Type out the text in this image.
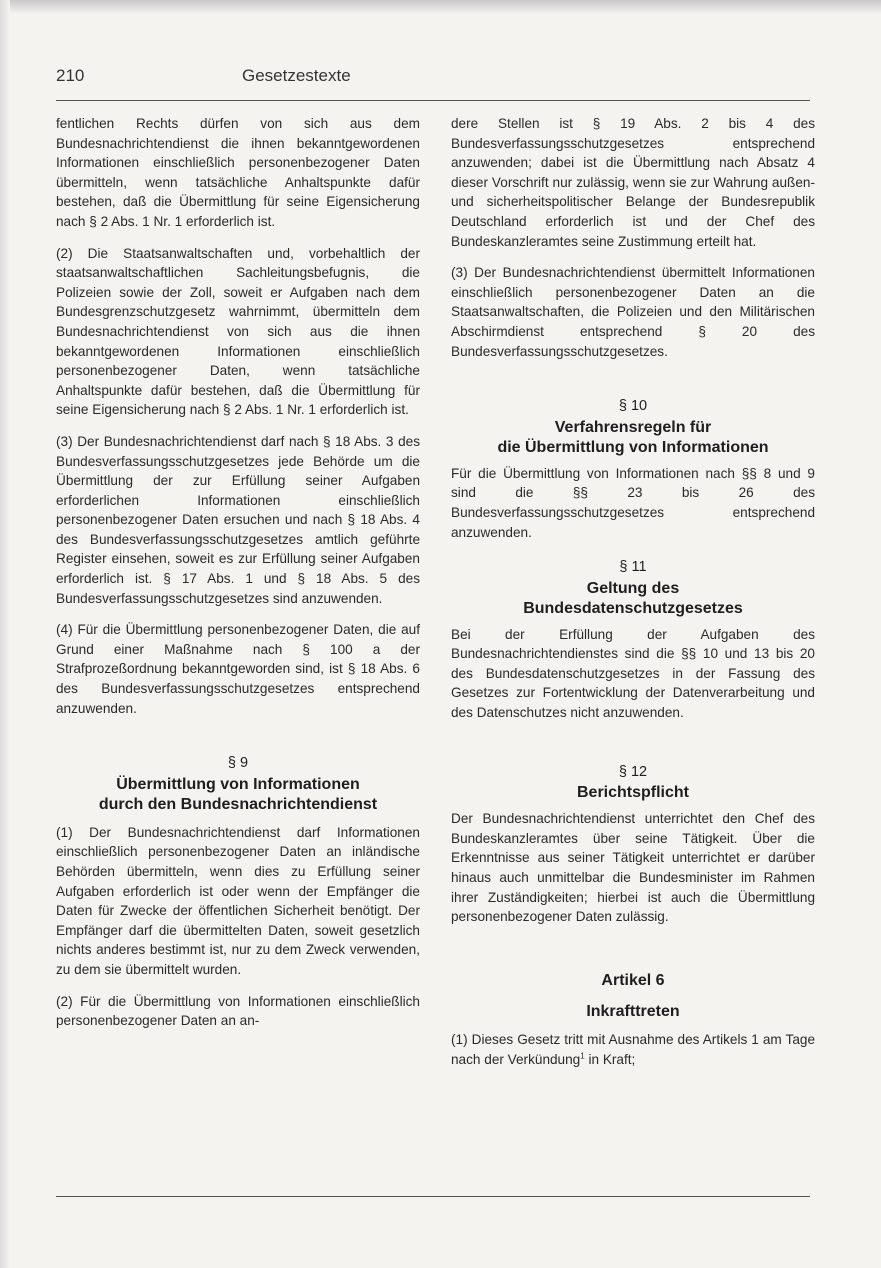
210	Gesetzestexte

fentlichen Rechts dürfen von sich aus dem Bundesnachrichtendienst die ihnen bekanntgewordenen Informationen einschließlich personenbezogener Daten übermitteln, wenn tatsächliche Anhaltspunkte dafür bestehen, daß die Übermittlung für seine Eigensicherung nach § 2 Abs. 1 Nr. 1 erforderlich ist.

(2) Die Staatsanwaltschaften und, vorbehaltlich der staatsanwaltschaftlichen Sachleitungsbefugnis, die Polizeien sowie der Zoll, soweit er Aufgaben nach dem Bundesgrenzschutzgesetz wahrnimmt, übermitteln dem Bundesnachrichtendienst von sich aus die ihnen bekanntgewordenen Informationen einschließlich personenbezogener Daten, wenn tatsächliche Anhaltspunkte dafür bestehen, daß die Übermittlung für seine Eigensicherung nach § 2 Abs. 1 Nr. 1 erforderlich ist.

(3) Der Bundesnachrichtendienst darf nach § 18 Abs. 3 des Bundesverfassungsschutzgesetzes jede Behörde um die Übermittlung der zur Erfüllung seiner Aufgaben erforderlichen Informationen einschließlich personenbezogener Daten ersuchen und nach § 18 Abs. 4 des Bundesverfassungsschutzgesetzes amtlich geführte Register einsehen, soweit es zur Erfüllung seiner Aufgaben erforderlich ist. § 17 Abs. 1 und § 18 Abs. 5 des Bundesverfassungsschutzgesetzes sind anzuwenden.

(4) Für die Übermittlung personenbezogener Daten, die auf Grund einer Maßnahme nach § 100 a der Strafprozeßordnung bekanntgeworden sind, ist § 18 Abs. 6 des Bundesverfassungsschutzgesetzes entsprechend anzuwenden.

§ 9
Übermittlung von Informationen
durch den Bundesnachrichtendienst

(1) Der Bundesnachrichtendienst darf Informationen einschließlich personenbezogener Daten an inländische Behörden übermitteln, wenn dies zu Erfüllung seiner Aufgaben erforderlich ist oder wenn der Empfänger die Daten für Zwecke der öffentlichen Sicherheit benötigt. Der Empfänger darf die übermittelten Daten, soweit gesetzlich nichts anderes bestimmt ist, nur zu dem Zweck verwenden, zu dem sie übermittelt wurden.

(2) Für die Übermittlung von Informationen einschließlich personenbezogener Daten an an-

dere Stellen ist § 19 Abs. 2 bis 4 des Bundesverfassungsschutzgesetzes entsprechend anzuwenden; dabei ist die Übermittlung nach Absatz 4 dieser Vorschrift nur zulässig, wenn sie zur Wahrung außen- und sicherheitspolitischer Belange der Bundesrepublik Deutschland erforderlich ist und der Chef des Bundeskanzleramtes seine Zustimmung erteilt hat.

(3) Der Bundesnachrichtendienst übermittelt Informationen einschließlich personenbezogener Daten an die Staatsanwaltschaften, die Polizeien und den Militärischen Abschirmdienst entsprechend § 20 des Bundesverfassungsschutzgesetzes.

§ 10
Verfahrensregeln für
die Übermittlung von Informationen

Für die Übermittlung von Informationen nach §§ 8 und 9 sind die §§ 23 bis 26 des Bundesverfassungsschutzgesetzes entsprechend anzuwenden.

§ 11
Geltung des
Bundesdatenschutzgesetzes

Bei der Erfüllung der Aufgaben des Bundesnachrichtendienstes sind die §§ 10 und 13 bis 20 des Bundesdatenschutzgesetzes in der Fassung des Gesetzes zur Fortentwicklung der Datenverarbeitung und des Datenschutzes nicht anzuwenden.

§ 12
Berichtspflicht

Der Bundesnachrichtendienst unterrichtet den Chef des Bundeskanzleramtes über seine Tätigkeit. Über die Erkenntnisse aus seiner Tätigkeit unterrichtet er darüber hinaus auch unmittelbar die Bundesminister im Rahmen ihrer Zuständigkeiten; hierbei ist auch die Übermittlung personenbezogener Daten zulässig.

Artikel 6
Inkrafttreten

(1) Dieses Gesetz tritt mit Ausnahme des Artikels 1 am Tage nach der Verkündung$^1$ in Kraft;
